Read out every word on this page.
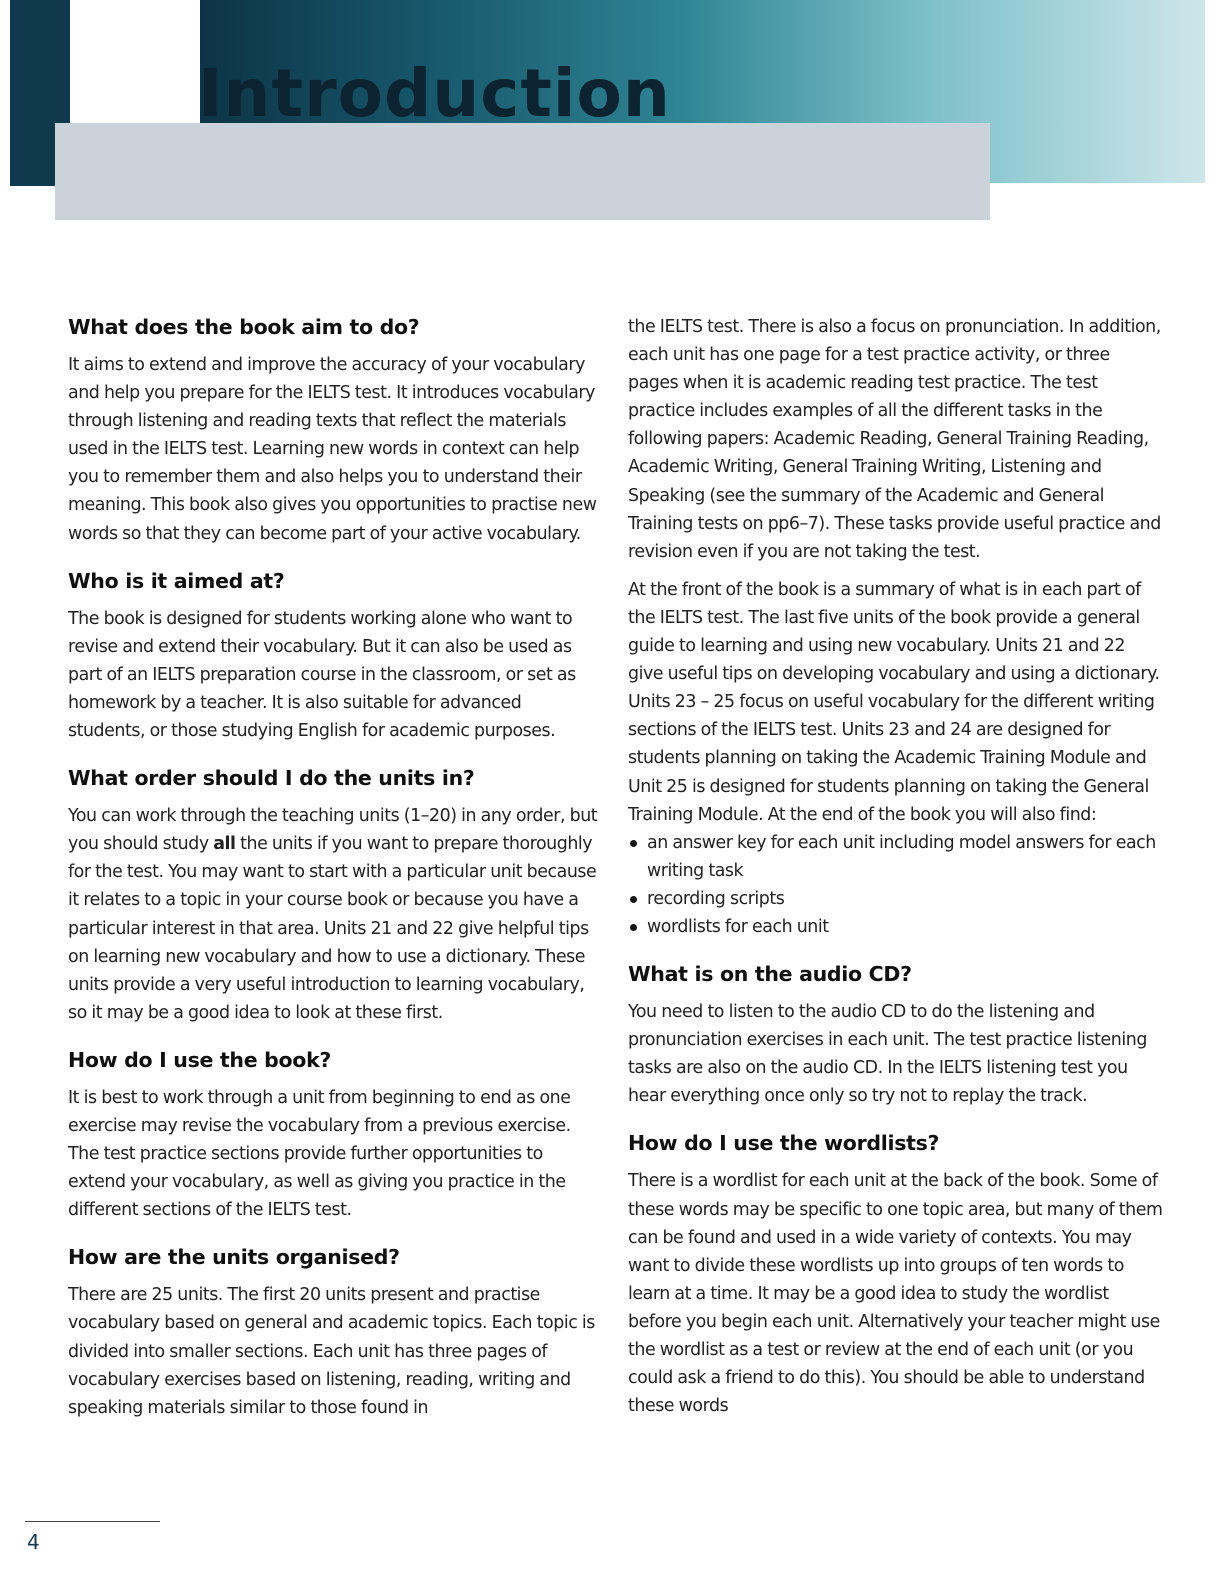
Introduction
What does the book aim to do?

It aims to extend and improve the accuracy of your vocabulary and help you prepare for the IELTS test. It introduces vocabulary through listening and reading texts that reflect the materials used in the IELTS test. Learning new words in context can help you to remember them and also helps you to understand their meaning. This book also gives you opportunities to practise new words so that they can become part of your active vocabulary.

Who is it aimed at?

The book is designed for students working alone who want to revise and extend their vocabulary. But it can also be used as part of an IELTS preparation course in the classroom, or set as homework by a teacher. It is also suitable for advanced students, or those studying English for academic purposes.

What order should I do the units in?

You can work through the teaching units (1–20) in any order, but you should study all the units if you want to prepare thoroughly for the test. You may want to start with a particular unit because it relates to a topic in your course book or because you have a particular interest in that area. Units 21 and 22 give helpful tips on learning new vocabulary and how to use a dictionary. These units provide a very useful introduction to learning vocabulary, so it may be a good idea to look at these first.

How do I use the book?

It is best to work through a unit from beginning to end as one exercise may revise the vocabulary from a previous exercise. The test practice sections provide further opportunities to extend your vocabulary, as well as giving you practice in the different sections of the IELTS test.

How are the units organised?

There are 25 units. The first 20 units present and practise vocabulary based on general and academic topics. Each topic is divided into smaller sections. Each unit has three pages of vocabulary exercises based on listening, reading, writing and speaking materials similar to those found in

the IELTS test. There is also a focus on pronunciation. In addition, each unit has one page for a test practice activity, or three pages when it is academic reading test practice. The test practice includes examples of all the different tasks in the following papers: Academic Reading, General Training Reading, Academic Writing, General Training Writing, Listening and Speaking (see the summary of the Academic and General Training tests on pp6–7). These tasks provide useful practice and revision even if you are not taking the test.

At the front of the book is a summary of what is in each part of the IELTS test. The last five units of the book provide a general guide to learning and using new vocabulary. Units 21 and 22 give useful tips on developing vocabulary and using a dictionary. Units 23 – 25 focus on useful vocabulary for the different writing sections of the IELTS test. Units 23 and 24 are designed for students planning on taking the Academic Training Module and Unit 25 is designed for students planning on taking the General Training Module. At the end of the book you will also find:

an answer key for each unit including model answers for each writing task
recording scripts
wordlists for each unit
What is on the audio CD?

You need to listen to the audio CD to do the listening and pronunciation exercises in each unit. The test practice listening tasks are also on the audio CD. In the IELTS listening test you hear everything once only so try not to replay the track.

How do I use the wordlists?

There is a wordlist for each unit at the back of the book. Some of these words may be specific to one topic area, but many of them can be found and used in a wide variety of contexts. You may want to divide these wordlists up into groups of ten words to learn at a time. It may be a good idea to study the wordlist before you begin each unit. Alternatively your teacher might use the wordlist as a test or review at the end of each unit (or you could ask a friend to do this). You should be able to understand these words

4
